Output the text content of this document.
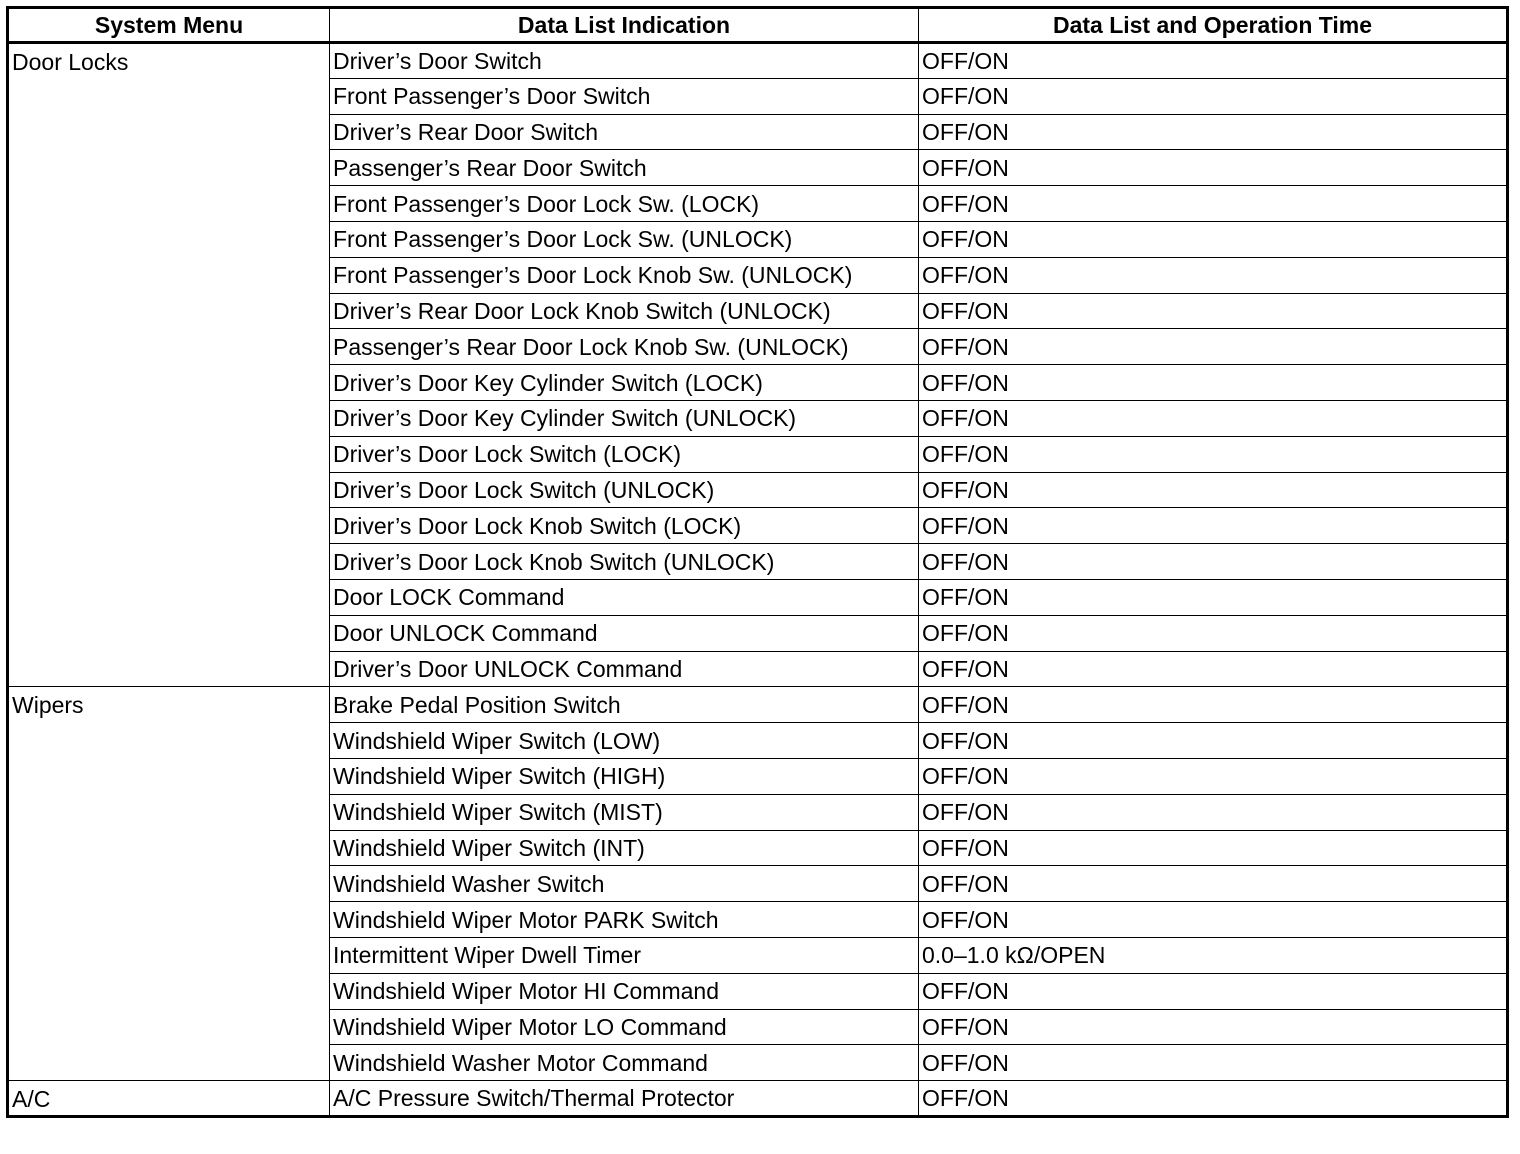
System Menu	Data List Indication	Data List and Operation Time
Door Locks	Driver’s Door Switch	OFF/ON
	Front Passenger’s Door Switch	OFF/ON
	Driver’s Rear Door Switch	OFF/ON
	Passenger’s Rear Door Switch	OFF/ON
	Front Passenger’s Door Lock Sw. (LOCK)	OFF/ON
	Front Passenger’s Door Lock Sw. (UNLOCK)	OFF/ON
	Front Passenger’s Door Lock Knob Sw. (UNLOCK)	OFF/ON
	Driver’s Rear Door Lock Knob Switch (UNLOCK)	OFF/ON
	Passenger’s Rear Door Lock Knob Sw. (UNLOCK)	OFF/ON
	Driver’s Door Key Cylinder Switch (LOCK)	OFF/ON
	Driver’s Door Key Cylinder Switch (UNLOCK)	OFF/ON
	Driver’s Door Lock Switch (LOCK)	OFF/ON
	Driver’s Door Lock Switch (UNLOCK)	OFF/ON
	Driver’s Door Lock Knob Switch (LOCK)	OFF/ON
	Driver’s Door Lock Knob Switch (UNLOCK)	OFF/ON
	Door LOCK Command	OFF/ON
	Door UNLOCK Command	OFF/ON
	Driver’s Door UNLOCK Command	OFF/ON
Wipers	Brake Pedal Position Switch	OFF/ON
	Windshield Wiper Switch (LOW)	OFF/ON
	Windshield Wiper Switch (HIGH)	OFF/ON
	Windshield Wiper Switch (MIST)	OFF/ON
	Windshield Wiper Switch (INT)	OFF/ON
	Windshield Washer Switch	OFF/ON
	Windshield Wiper Motor PARK Switch	OFF/ON
	Intermittent Wiper Dwell Timer	0.0–1.0 kΩ/OPEN
	Windshield Wiper Motor HI Command	OFF/ON
	Windshield Wiper Motor LO Command	OFF/ON
	Windshield Washer Motor Command	OFF/ON
A/C	A/C Pressure Switch/Thermal Protector	OFF/ON
